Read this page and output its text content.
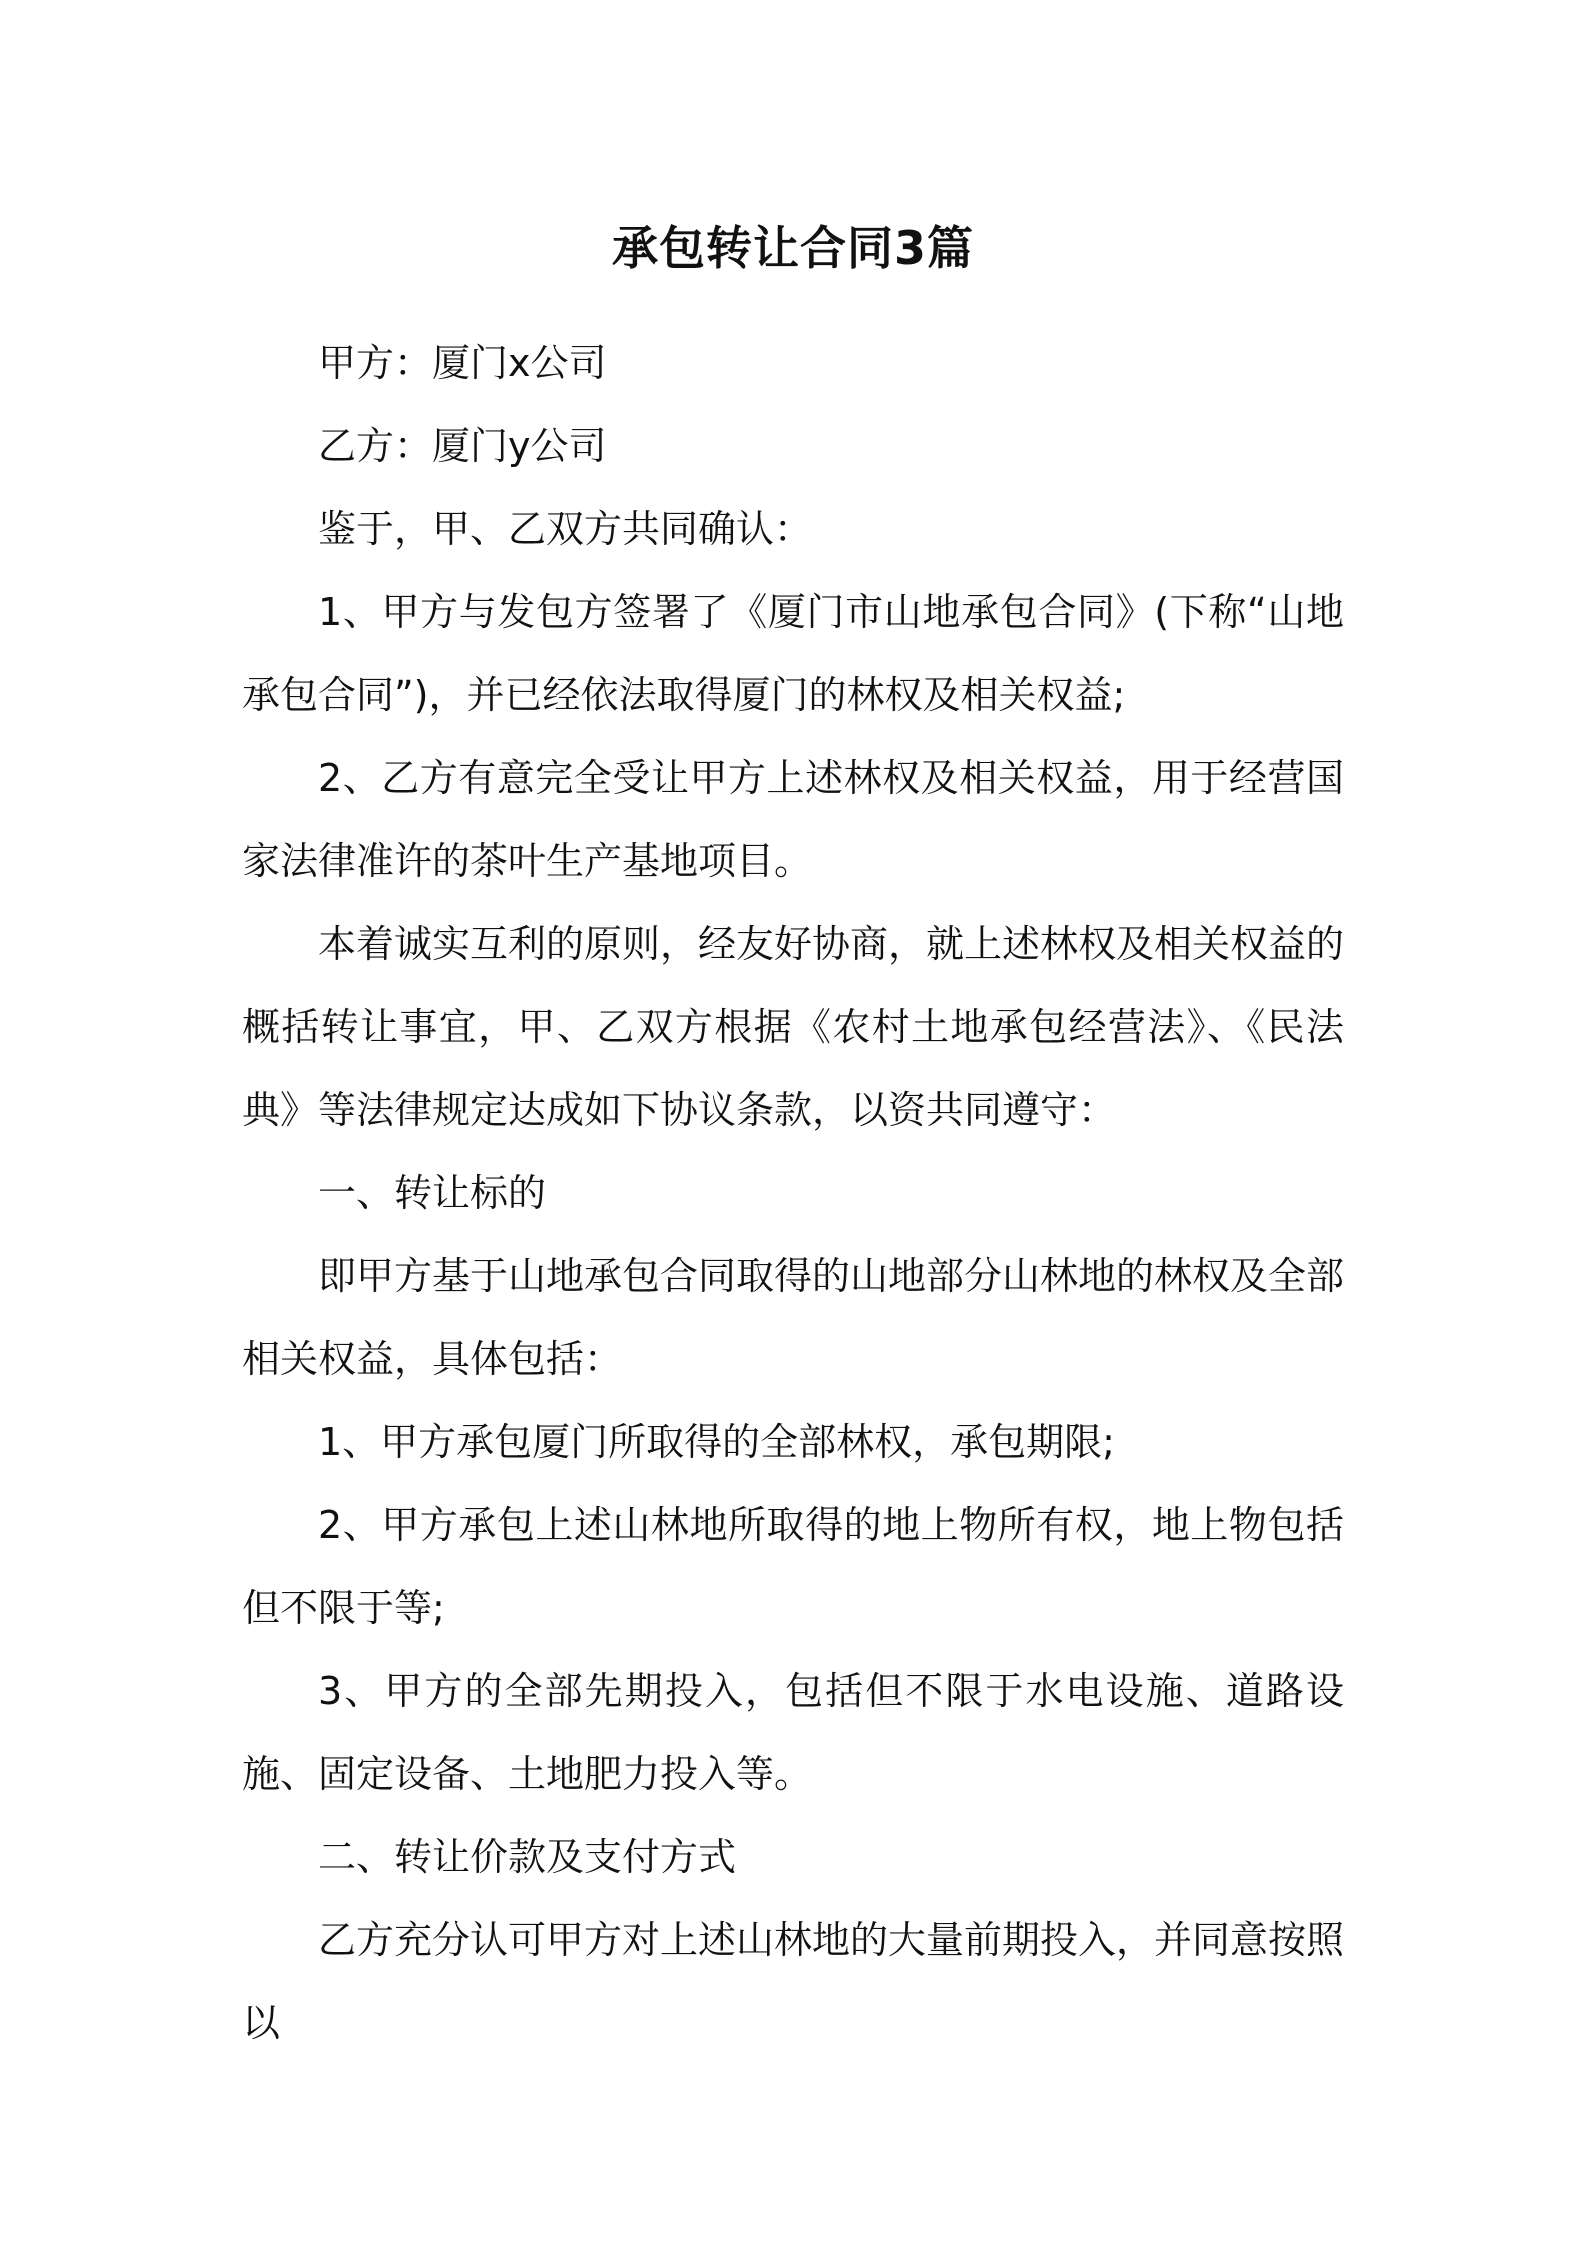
承包转让合同3篇

甲方：厦门x公司

乙方：厦门y公司

鉴于，甲、乙双方共同确认：

1、甲方与发包方签署了《厦门市山地承包合同》(下称“山地承包合同”)，并已经依法取得厦门的林权及相关权益;

2、乙方有意完全受让甲方上述林权及相关权益，用于经营国家法律准许的茶叶生产基地项目。

本着诚实互利的原则，经友好协商，就上述林权及相关权益的概括转让事宜，甲、乙双方根据《农村土地承包经营法》、《民法典》等法律规定达成如下协议条款，以资共同遵守：

一、转让标的

即甲方基于山地承包合同取得的山地部分山林地的林权及全部相关权益，具体包括：

1、甲方承包厦门所取得的全部林权，承包期限;

2、甲方承包上述山林地所取得的地上物所有权，地上物包括但不限于等;

3、甲方的全部先期投入，包括但不限于水电设施、道路设施、固定设备、土地肥力投入等。

二、转让价款及支付方式

乙方充分认可甲方对上述山林地的大量前期投入，并同意按照以
